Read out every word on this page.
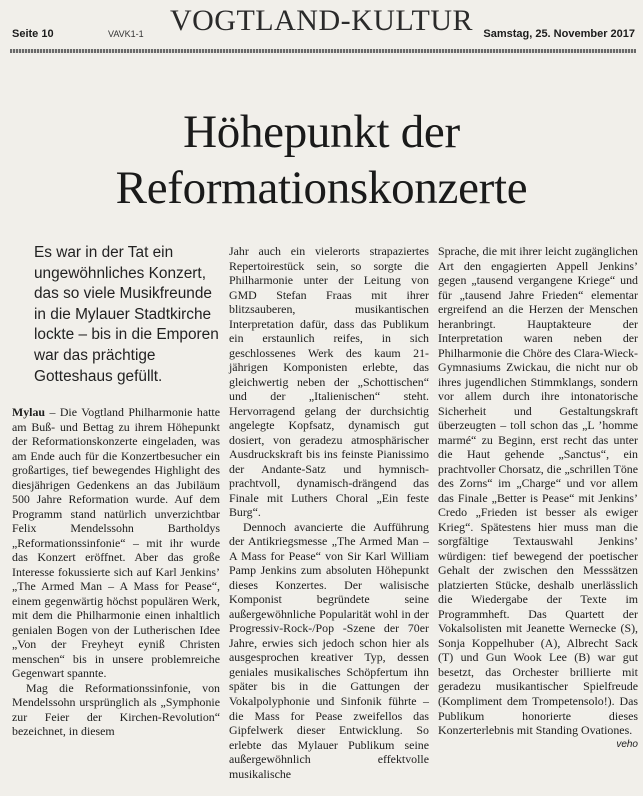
Seite 10	VAVK1-1 VOGTLAND-KULTUR Samstag, 25. November 2017
Höhepunkt der
Reformationskonzerte
Es war in der Tat ein ungewöhnliches Konzert, das so viele Musikfreunde in die Mylauer Stadtkirche lockte – bis in die Emporen war das prächtige Gotteshaus gefüllt.

Mylau – Die Vogtland Philharmonie hatte am Buß- und Bettag zu ihrem Höhepunkt der Reformationskonzerte eingeladen, was am Ende auch für die Konzertbesucher ein großartiges, tief bewegendes Highlight des diesjährigen Gedenkens an das Jubiläum 500 Jahre Reformation wurde. Auf dem Programm stand natürlich unverzichtbar Felix Mendelssohn Bartholdys „Reformationssinfonie“ – mit ihr wurde das Konzert eröffnet. Aber das große Interesse fokussierte sich auf Karl Jenkins’ „The Armed Man – A Mass for Pease“, einem gegenwärtig höchst populären Werk, mit dem die Philharmonie einen inhaltlich genialen Bogen von der Lutherischen Idee „Von der Freyheyt eyniß Christen menschen“ bis in unsere problemreiche Gegenwart spannte.

Mag die Reformationssinfonie, von Mendelssohn ursprünglich als „Symphonie zur Feier der Kirchen-Revolution“ bezeichnet, in diesem

Jahr auch ein vielerorts strapaziertes Repertoirestück sein, so sorgte die Philharmonie unter der Leitung von GMD Stefan Fraas mit ihrer blitzsauberen, musikantischen Interpretation dafür, dass das Publikum ein erstaunlich reifes, in sich geschlossenes Werk des kaum 21-jährigen Komponisten erlebte, das gleichwertig neben der „Schottischen“ und der „Italienischen“ steht. Hervorragend gelang der durchsichtig angelegte Kopfsatz, dynamisch gut dosiert, von geradezu atmosphärischer Ausdruckskraft bis ins feinste Pianissimo der Andante-Satz und hymnisch-prachtvoll, dynamisch-drängend das Finale mit Luthers Choral „Ein feste Burg“.

Dennoch avancierte die Aufführung der Antikriegsmesse „The Armed Man – A Mass for Pease“ von Sir Karl William Pamp Jenkins zum absoluten Höhepunkt dieses Konzertes. Der walisische Komponist begründete seine außergewöhnliche Popularität wohl in der Progressiv-Rock-/Pop -Szene der 70er Jahre, erwies sich jedoch schon hier als ausgesprochen kreativer Typ, dessen geniales musikalisches Schöpfertum ihn später bis in die Gattungen der Vokalpolyphonie und Sinfonik führte – die Mass for Pease zweifellos das Gipfelwerk dieser Entwicklung. So erlebte das Mylauer Publikum seine außergewöhnlich effektvolle musikalische

Sprache, die mit ihrer leicht zugänglichen Art den engagierten Appell Jenkins’ gegen „tausend vergangene Kriege“ und für „tausend Jahre Frieden“ elementar ergreifend an die Herzen der Menschen heranbringt. Hauptakteure der Interpretation waren neben der Philharmonie die Chöre des Clara-Wieck-Gymnasiums Zwickau, die nicht nur ob ihres jugendlichen Stimmklangs, sondern vor allem durch ihre intonatorische Sicherheit und Gestaltungskraft überzeugten – toll schon das „L ’homme marmé“ zu Beginn, erst recht das unter die Haut gehende „Sanctus“, ein prachtvoller Chorsatz, die „schrillen Töne des Zorns“ im „Charge“ und vor allem das Finale „Better is Pease“ mit Jenkins’ Credo „Frieden ist besser als ewiger Krieg“. Spätestens hier muss man die sorgfältige Textauswahl Jenkins’ würdigen: tief bewegend der poetischer Gehalt der zwischen den Messsätzen platzierten Stücke, deshalb unerlässlich die Wiedergabe der Texte im Programmheft. Das Quartett der Vokalsolisten mit Jeanette Wernecke (S), Sonja Koppelhuber (A), Albrecht Sack (T) und Gun Wook Lee (B) war gut besetzt, das Orchester brillierte mit geradezu musikantischer Spielfreude (Kompliment dem Trompetensolo!). Das Publikum honorierte dieses Konzerterlebnis mit Standing Ovationes.
veho
